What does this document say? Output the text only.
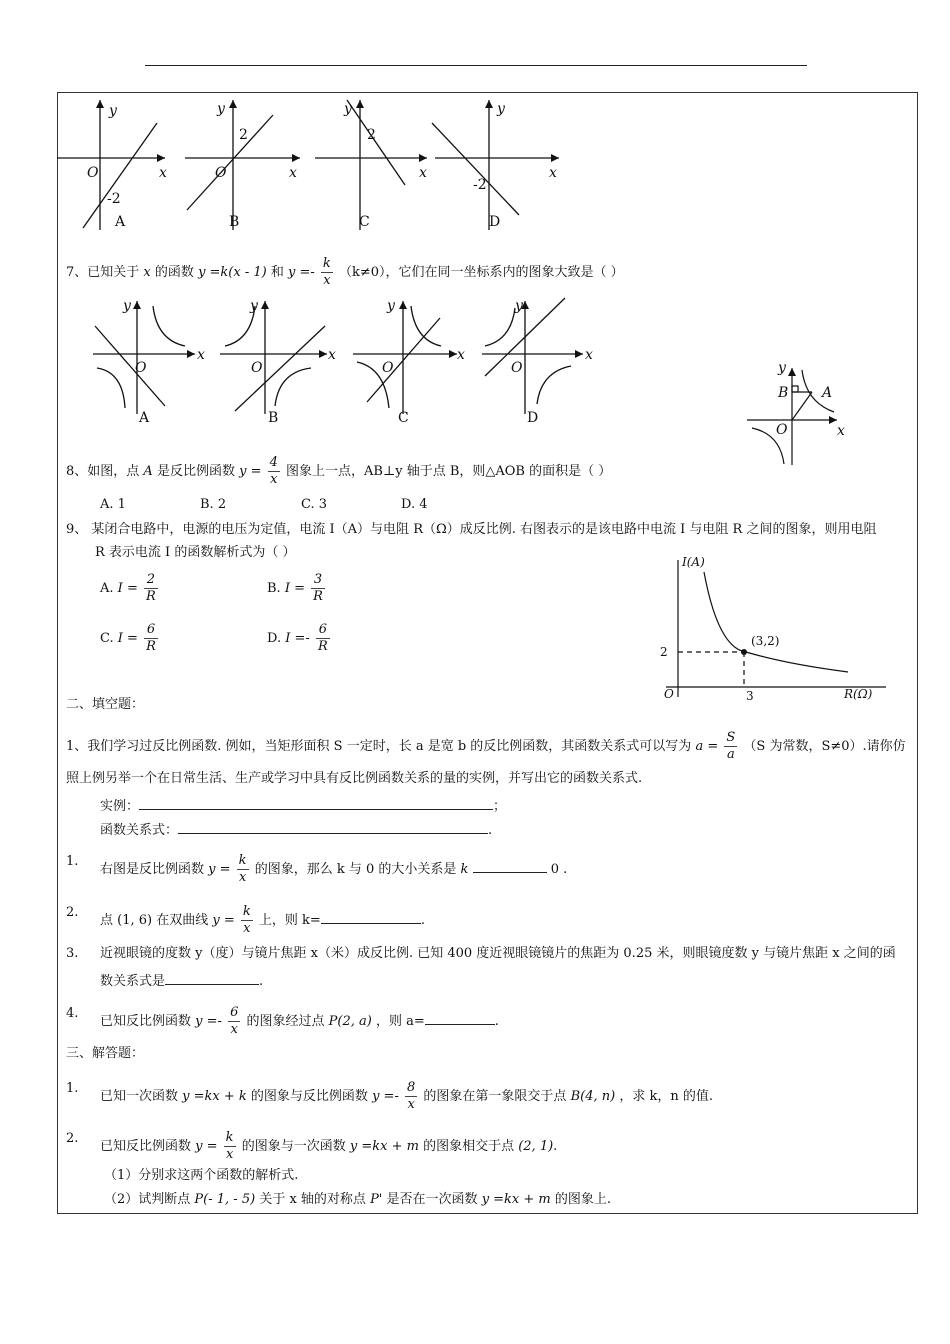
y
x
O
-2
A
y
x
O
2
B
y
x
2
C
y
x
-2
D
7、已知关于 x 的函数 y =k(x - 1) 和 $y =- \frac{k}{x} (k\ne 0)$，它们在同一坐标系内的图象大致是（ ）
y
x
O
A
y
x
O
B
y
x
O
C
y
x
O
D
y
x
O
A
B
8、如图，点 A 是反比例函数 $y = \frac{4}{x}$ 图象上一点，AB⊥y 轴于点 B，则△AOB 的面积是（ ）
A. 1	B. 2	C. 3	D. 4
9、 某闭合电路中，电源的电压为定值，电流 I（A）与电阻 R（Ω）成反比例. 右图表示的是该电路中电流 I 与电阻 R 之间的图象，则用电阻
R 表示电流 I 的函数解析式为（ ）
A. $I = \frac{2}{R}$	B. $I = \frac{3}{R}$
C. $I = \frac{6}{R}$	D. $I =- \frac{6}{R}$
I(A)
R(Ω)
O
(3,2)
2
3
二、填空题：
1、我们学习过反比例函数. 例如，当矩形面积 S 一定时，长 a 是宽 b 的反比例函数，其函数关系式可以写为 $a = \frac{S}{a} (S$ 为常数，S≠0）.请你仿
照上例另举一个在日常生活、生产或学习中具有反比例函数关系的量的实例，并写出它的函数关系式.
实例：	；
函数关系式：	.
1.
右图是反比例函数 $y = \frac{k}{x}$ 的图象，那么 k 与 0 的大小关系是 k	0 .
2.
点 (1, 6) 在双曲线 $y = \frac{k}{x}$ 上，则 k=	.
3. 近视眼镜的度数 y（度）与镜片焦距 x（米）成反比例. 已知 400 度近视眼镜镜片的焦距为 0.25 米，则眼镜度数 y 与镜片焦距 x 之间的函
数关系式是	.
4.
已知反比例函数 $y =- \frac{6}{x}$ 的图象经过点 P(2, a) ，则 a=	.
三、解答题：
1.
已知一次函数 y =kx + k 的图象与反比例函数 $y =- \frac{8}{x}$ 的图象在第一象限交于点 B(4, n) ，求 k，n 的值.
2.
已知反比例函数 $y = \frac{k}{x}$ 的图象与一次函数 y =kx + m 的图象相交于点 (2, 1).
（1）分别求这两个函数的解析式.
（2）试判断点 P(- 1, - 5) 关于 x 轴的对称点 P' 是否在一次函数 y =kx + m 的图象上.
